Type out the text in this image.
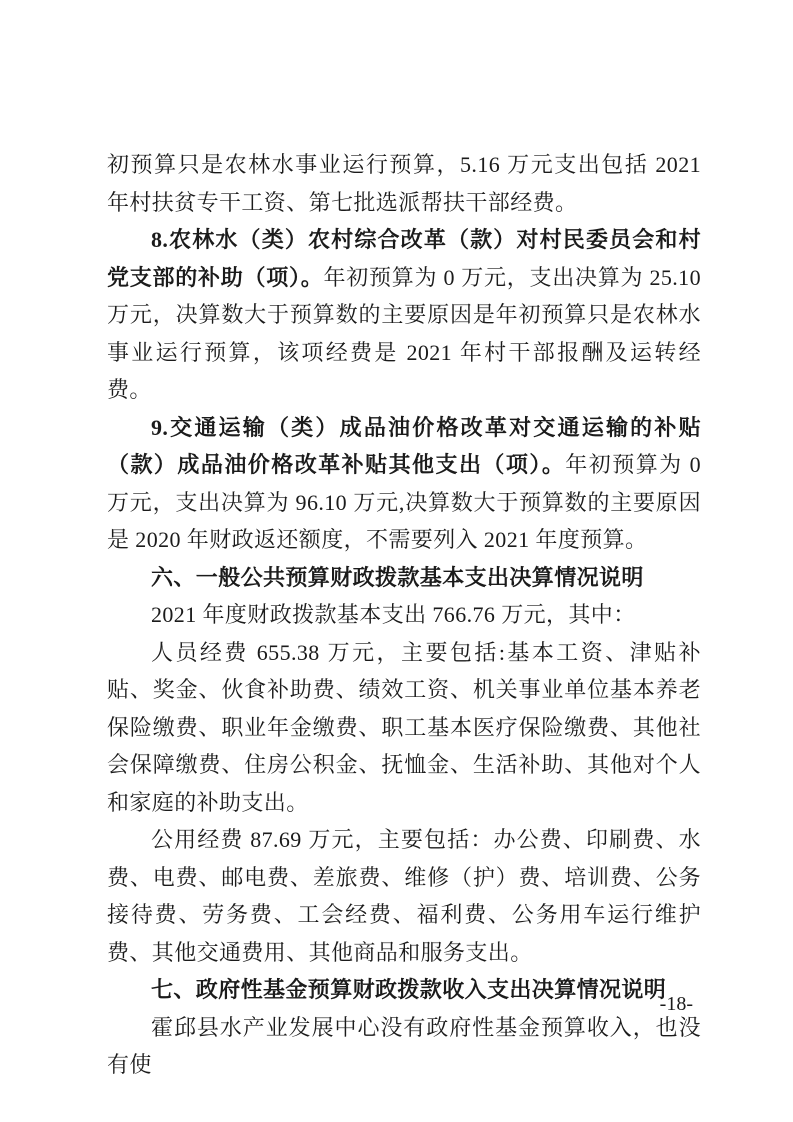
初预算只是农林水事业运行预算，5.16 万元支出包括 2021 年村扶贫专干工资、第七批选派帮扶干部经费。

8.农林水（类）农村综合改革（款）对村民委员会和村党支部的补助（项）。年初预算为 0 万元，支出决算为 25.10 万元，决算数大于预算数的主要原因是年初预算只是农林水事业运行预算，该项经费是 2021 年村干部报酬及运转经费。

9.交通运输（类）成品油价格改革对交通运输的补贴（款）成品油价格改革补贴其他支出（项）。年初预算为 0 万元，支出决算为 96.10 万元,决算数大于预算数的主要原因是 2020 年财政返还额度，不需要列入 2021 年度预算。

六、一般公共预算财政拨款基本支出决算情况说明

2021 年度财政拨款基本支出 766.76 万元，其中：

人员经费 655.38 万元，主要包括:基本工资、津贴补贴、奖金、伙食补助费、绩效工资、机关事业单位基本养老保险缴费、职业年金缴费、职工基本医疗保险缴费、其他社会保障缴费、住房公积金、抚恤金、生活补助、其他对个人和家庭的补助支出。

公用经费 87.69 万元，主要包括：办公费、印刷费、水费、电费、邮电费、差旅费、维修（护）费、培训费、公务接待费、劳务费、工会经费、福利费、公务用车运行维护费、其他交通费用、其他商品和服务支出。

七、政府性基金预算财政拨款收入支出决算情况说明

霍邱县水产业发展中心没有政府性基金预算收入，也没有使

-18-
